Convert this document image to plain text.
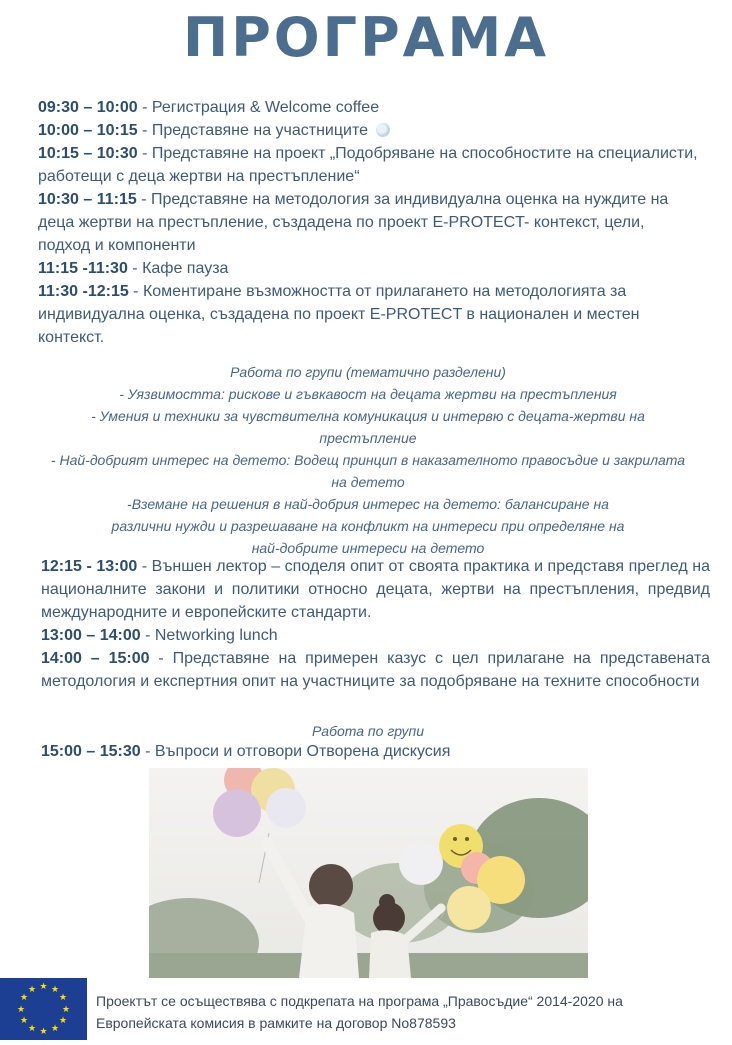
ПРОГРАМА

09:30 – 10:00 - Регистрация & Welcome coffee

10:00 – 10:15 - Представяне на участниците

10:15 – 10:30 - Представяне на проект „Подобряване на способностите на специалисти, работещи с деца жертви на престъпление“

10:30 – 11:15 - Представяне на методология за индивидуална оценка на нуждите на деца жертви на престъпление, създадена по проект E-PROTECT- контекст, цели, подход и компоненти

11:15 -11:30 - Кафе пауза

11:30 -12:15 - Коментиране възможността от прилагането на методологията за индивидуална оценка, създадена по проект E-PROTECT в национален и местен контекст.

Работа по групи (тематично разделени)
- Уязвимостта: рискове и гъвкавост на децата жертви на престъпления
- Умения и техники за чувствителна комуникация и интервю с децата-жертви на престъпление
- Най-добрият интерес на детето: Водещ принцип в наказателното правосъдие и закрилата на детето
-Вземане на решения в най-добрия интерес на детето: балансиране на различни нужди и разрешаване на конфликт на интереси при определяне на най-добрите интереси на детето

12:15 - 13:00 - Външен лектор – споделя опит от своята практика и представя преглед на националните закони и политики относно децата, жертви на престъпления, предвид международните и европейските стандарти.

13:00 – 14:00 - Networking lunch

14:00 – 15:00 - Представяне на примерен казус с цел прилагане на представената методология и експертния опит на участниците за подобряване на техните способности

Работа по групи

15:00 – 15:30 - Въпроси и отговори Отворена дискусия

★ ★
★
★
★
★
★
★
★
★
★
★
Проектът се осъществява с подкрепата на програма „Правосъдие“ 2014-2020 на Европейската комисия в рамките на договор No878593
